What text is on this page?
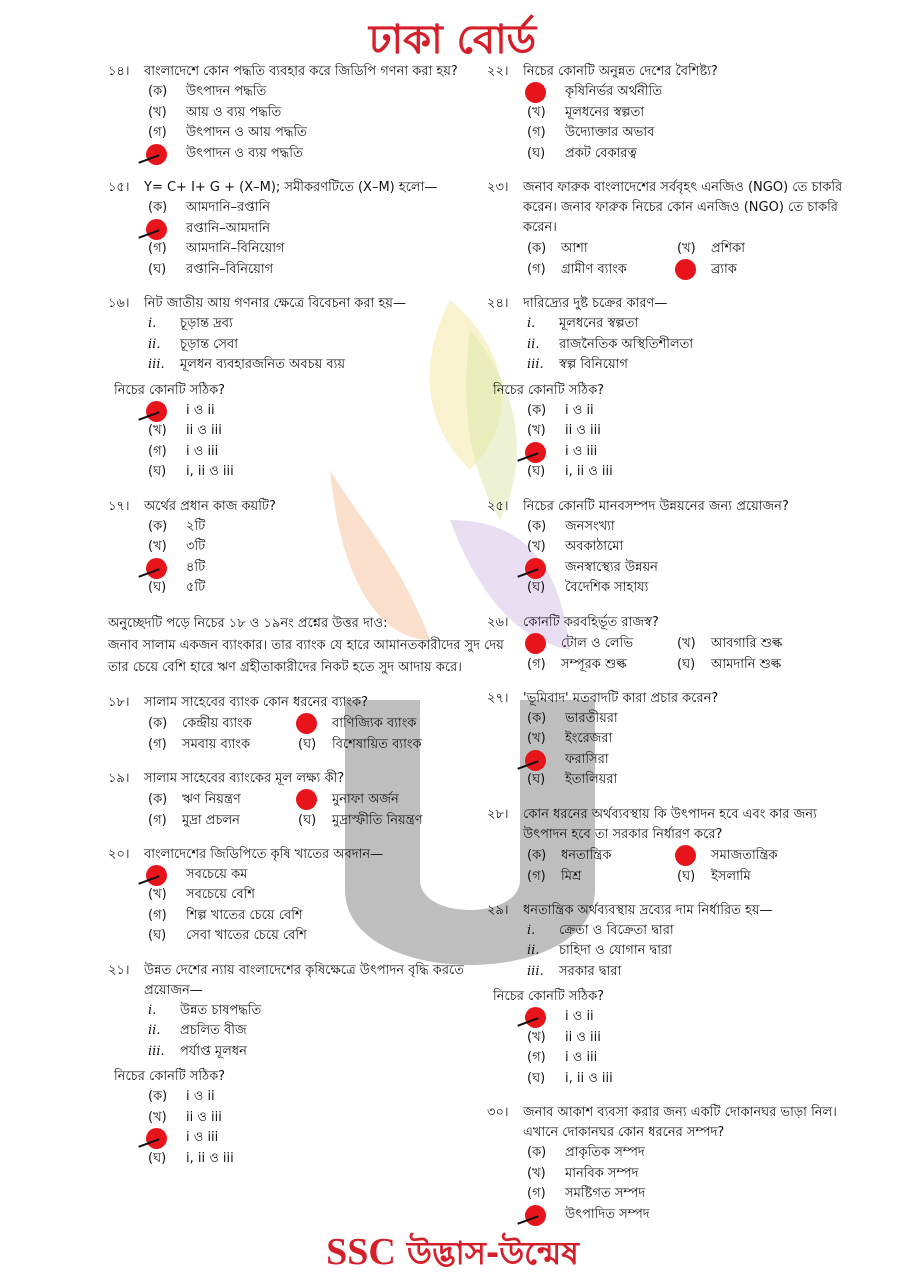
ঢাকা বোর্ড
১৪।	বাংলাদেশে কোন পদ্ধতি ব্যবহার করে জিডিপি গণনা করা হয়?
(ক) উৎপাদন পদ্ধতি
(খ) আয় ও ব্যয় পদ্ধতি
(গ) উৎপাদন ও আয় পদ্ধতি
উৎপাদন ও ব্যয় পদ্ধতি
১৫।	Y= C+ I+ G + (X–M); সমীকরণটিতে (X–M) হলো—
(ক) আমদানি–রপ্তানি
রপ্তানি–আমদানি
(গ) আমদানি–বিনিয়োগ
(ঘ) রপ্তানি–বিনিয়োগ
১৬।	নিট জাতীয় আয় গণনার ক্ষেত্রে বিবেচনা করা হয়—
i. চূড়ান্ত দ্রব্য
ii. চূড়ান্ত সেবা
iii. মূলধন ব্যবহারজনিত অবচয় ব্যয়
নিচের কোনটি সঠিক?
i ও ii
(খ) ii ও iii
(গ) i ও iii
(ঘ) i, ii ও iii
১৭।	অর্থের প্রধান কাজ কয়টি?
(ক) ২টি
(খ) ৩টি
৪টি
(ঘ) ৫টি
অনুচ্ছেদটি পড়ে নিচের ১৮ ও ১৯নং প্রশ্নের উত্তর দাও:
জনাব সালাম একজন ব্যাংকার। তার ব্যাংক যে হারে আমানতকারীদের সুদ দেয় তার চেয়ে বেশি হারে ঋণ গ্রহীতাকারীদের নিকট হতে সুদ আদায় করে।
১৮।	সালাম সাহেবের ব্যাংক কোন ধরনের ব্যাংক?
(ক) কেন্দ্রীয় ব্যাংক	বাণিজ্যিক ব্যাংক
(গ) সমবায় ব্যাংক	(ঘ) বিশেষায়িত ব্যাংক
১৯।	সালাম সাহেবের ব্যাংকের মূল লক্ষ্য কী?
(ক) ঋণ নিয়ন্ত্রণ	মুনাফা অর্জন
(গ) মুদ্রা প্রচলন	(ঘ) মুদ্রাস্ফীতি নিয়ন্ত্রণ
২০।	বাংলাদেশের জিডিপিতে কৃষি খাতের অবদান—
সবচেয়ে কম
(খ) সবচেয়ে বেশি
(গ) শিল্প খাতের চেয়ে বেশি
(ঘ) সেবা খাতের চেয়ে বেশি
২১।	উন্নত দেশের ন্যায় বাংলাদেশের কৃষিক্ষেত্রে উৎপাদন বৃদ্ধি করতে প্রয়োজন—
i. উন্নত চাষপদ্ধতি
ii. প্রচলিত বীজ
iii. পর্যাপ্ত মূলধন
নিচের কোনটি সঠিক?
(ক) i ও ii
(খ) ii ও iii
i ও iii
(ঘ) i, ii ও iii
২২।	নিচের কোনটি অনুন্নত দেশের বৈশিষ্ট্য?
কৃষিনির্ভর অর্থনীতি
(খ) মূলধনের স্বল্পতা
(গ) উদ্যোক্তার অভাব
(ঘ) প্রকট বেকারত্ব
২৩।	জনাব ফারুক বাংলাদেশের সর্ববৃহৎ এনজিও (NGO) তে চাকরি করেন। জনাব ফারুক নিচের কোন এনজিও (NGO) তে চাকরি করেন।
(ক) আশা	(খ) প্রশিকা
(গ) গ্রামীণ ব্যাংক	ব্র্যাক
২৪।	দারিদ্র্যের দুষ্ট চক্রের কারণ—
i. মূলধনের স্বল্পতা
ii. রাজনৈতিক অস্থিতিশীলতা
iii. স্বল্প বিনিয়োগ
নিচের কোনটি সঠিক?
(ক) i ও ii
(খ) ii ও iii
i ও iii
(ঘ) i, ii ও iii
২৫।	নিচের কোনটি মানবসম্পদ উন্নয়নের জন্য প্রয়োজন?
(ক) জনসংখ্যা
(খ) অবকাঠামো
জনস্বাস্থ্যের উন্নয়ন
(ঘ) বৈদেশিক সাহায্য
২৬।	কোনটি করবহির্ভূত রাজস্ব?
টোল ও লেভি	(খ) আবগারি শুল্ক
(গ) সম্পূরক শুল্ক	(ঘ) আমদানি শুল্ক
২৭।	'ভূমিবাদ' মতবাদটি কারা প্রচার করেন?
(ক) ভারতীয়রা
(খ) ইংরেজরা
ফরাসিরা
(ঘ) ইতালিয়রা
২৮।	কোন ধরনের অর্থব্যবস্থায় কি উৎপাদন হবে এবং কার জন্য উৎপাদন হবে তা সরকার নির্ধারণ করে?
(ক) ধনতান্ত্রিক	সমাজতান্ত্রিক
(গ) মিশ্র	(ঘ) ইসলামি
২৯।	ধনতান্ত্রিক অর্থব্যবস্থায় দ্রব্যের দাম নির্ধারিত হয়—
i. ক্রেতা ও বিক্রেতা দ্বারা
ii. চাহিদা ও যোগান দ্বারা
iii. সরকার দ্বারা
নিচের কোনটি সঠিক?
i ও ii
(খ) ii ও iii
(গ) i ও iii
(ঘ) i, ii ও iii
৩০।	জনাব আকাশ ব্যবসা করার জন্য একটি দোকানঘর ভাড়া নিল। এখানে দোকানঘর কোন ধরনের সম্পদ?
(ক) প্রাকৃতিক সম্পদ
(খ) মানবিক সম্পদ
(গ) সমষ্টিগত সম্পদ
উৎপাদিত সম্পদ
SSC উদ্ভাস-উন্মেষ
